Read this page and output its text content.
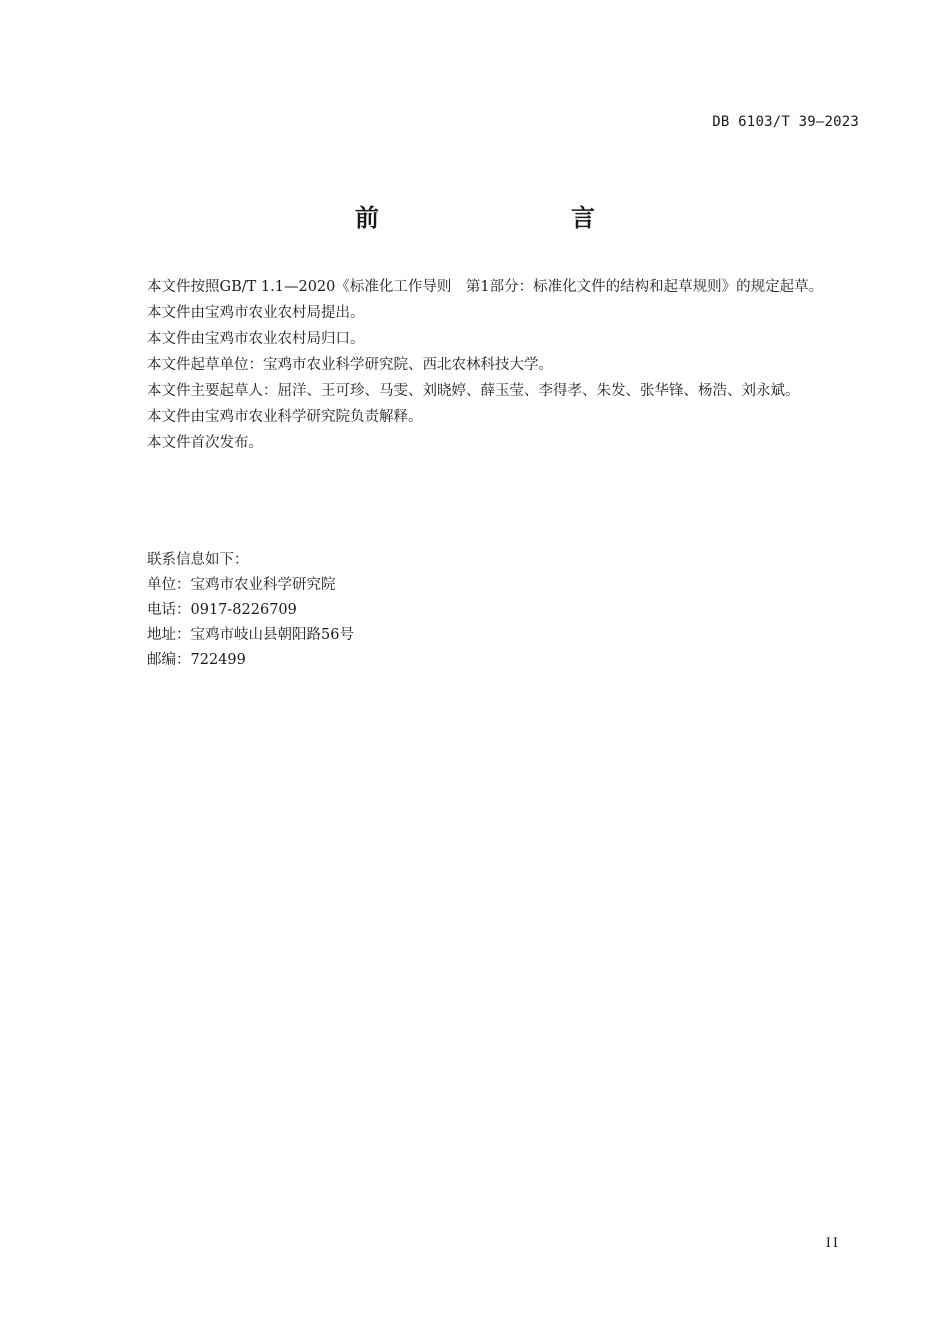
DB 6103/T 39—2023
前　　言

本文件按照GB/T 1.1—2020《标准化工作导则　第1部分：标准化文件的结构和起草规则》的规定起草。

本文件由宝鸡市农业农村局提出。

本文件由宝鸡市农业农村局归口。

本文件起草单位：宝鸡市农业科学研究院、西北农林科技大学。

本文件主要起草人：屈洋、王可珍、马雯、刘晓婷、薛玉莹、李得孝、朱发、张华锋、杨浩、刘永斌。

本文件由宝鸡市农业科学研究院负责解释。

本文件首次发布。

联系信息如下：
单位：宝鸡市农业科学研究院
电话：0917-8226709
地址：宝鸡市岐山县朝阳路56号
邮编：722499
II
